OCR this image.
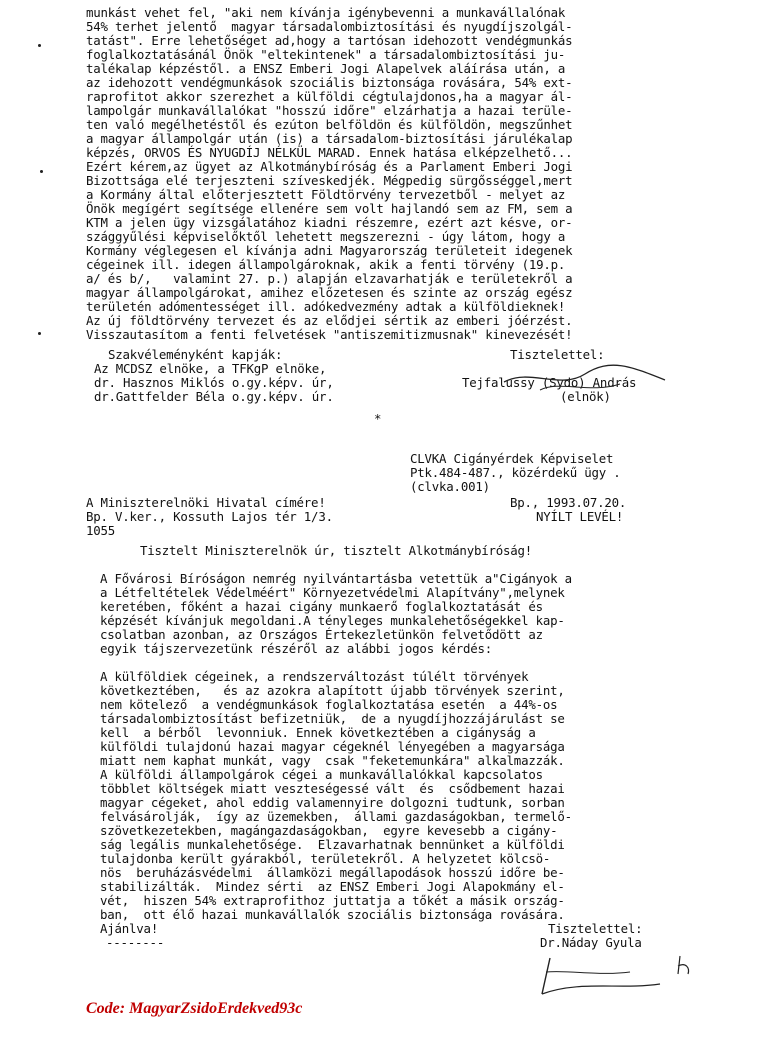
munkást vehet fel, "aki nem kívánja igénybevenni a munkavállalónak
54% terhet jelentő  magyar társadalombiztosítási és nyugdíjszolgál-
tatást". Erre lehetőséget ad,hogy a tartósan idehozott vendégmunkás
foglalkoztatásánál Önök "eltekintenek" a társadalombiztosítási ju-
talékalap képzéstől. a ENSZ Emberi Jogi Alapelvek aláírása után, a
az idehozott vendégmunkások szociális biztonsága rovására, 54% ext-
raprofitot akkor szerezhet a külföldi cégtulajdonos,ha a magyar ál-
lampolgár munkavállalókat "hosszú időre" elzárhatja a hazai terüle-
ten való megélhetéstől és ezúton belföldön és külföldön, megszűnhet
a magyar állampolgár után (is) a társadalom-biztosítási járulékalap
képzés, ORVOS ÉS NYUGDÍJ NÉLKÜL MARAD. Ennek hatása elképzelhető...
Ezért kérem,az ügyet az Alkotmánybíróság és a Parlament Emberi Jogi
Bizottsága elé terjeszteni szíveskedjék. Mégpedig sürgősséggel,mert
a Kormány által előterjesztett Földtörvény tervezetből - melyet az
Önök megígért segítsége ellenére sem volt hajlandó sem az FM, sem a
KTM a jelen ügy vizsgálatához kiadni részemre, ezért azt késve, or-
szággyűlési képviselőktől lehetett megszerezni - úgy látom, hogy a
Kormány véglegesen el kívánja adni Magyarország területeit idegenek
cégeinek ill. idegen állampolgároknak, akik a fenti törvény (19.p.
a/ és b/,   valamint 27. p.) alapján elzavarhatják e területekről a
magyar állampolgárokat, amihez előzetesen és szinte az ország egész
területén adómentességet ill. adókedvezmény adtak a külföldieknek!
Az új földtörvény tervezet és az elődjei sértik az emberi jóérzést.
Visszautasítom a fenti felvetések "antiszemitizmusnak" kinevezését!
Szakvéleményként kapják:
Az MCDSZ elnöke, a TFKgP elnöke,
dr. Hasznos Miklós o.gy.képv. úr,
dr.Gattfelder Béla o.gy.képv. úr.
Tisztelettel:
Tejfalussy (Sydo) András
(elnök)
*
CLVKA Cigányérdek Képviselet
Ptk.484-487., közérdekű ügy .
(clvka.001)
A Miniszterelnöki Hivatal címére!
Bp. V.ker., Kossuth Lajos tér 1/3.
1055
Bp., 1993.07.20.
NYÍLT LEVÉL!
Tisztelt Miniszterelnök úr, tisztelt Alkotmánybíróság!
A Fővárosi Bíróságon nemrég nyilvántartásba vetettük a"Cigányok a
a Létfeltételek Védelméért" Környezetvédelmi Alapítvány",melynek
keretében, főként a hazai cigány munkaerő foglalkoztatását és
képzését kívánjuk megoldani.A tényleges munkalehetőségekkel kap-
csolatban azonban, az Országos Értekezletünkön felvetődött az
egyik tájszervezetünk részéről az alábbi jogos kérdés:
A külföldiek cégeinek, a rendszerváltozást túlélt törvények
következtében,   és az azokra alapított újabb törvények szerint,
nem kötelező  a vendégmunkások foglalkoztatása esetén  a 44%-os
társadalombiztosítást befizetniük,  de a nyugdíjhozzájárulást se
kell  a bérből  levonniuk. Ennek következtében a cigányság a
külföldi tulajdonú hazai magyar cégeknél lényegében a magyarsága
miatt nem kaphat munkát, vagy  csak "feketemunkára" alkalmazzák.
A külföldi állampolgárok cégei a munkavállalókkal kapcsolatos
többlet költségek miatt veszteségessé vált  és  csődbement hazai
magyar cégeket, ahol eddig valamennyire dolgozni tudtunk, sorban
felvásárolják,  így az üzemekben,  állami gazdaságokban, termelő-
szövetkezetekben, magángazdaságokban,  egyre kevesebb a cigány-
ság legális munkalehetősége.  Elzavarhatnak bennünket a külföldi
tulajdonba került gyárakból, területekről. A helyzetet kölcsö-
nös  beruházásvédelmi  államközi megállapodások hosszú időre be-
stabilizálták.  Mindez sérti  az ENSZ Emberi Jogi Alapokmány el-
vét,  hiszen 54% extraprofithoz juttatja a tőkét a másik ország-
ban,  ott élő hazai munkavállalók szociális biztonsága rovására.
Ajánlva!
--------
Tisztelettel:
Dr.Náday Gyula
Code: MagyarZsidoErdekved93c
